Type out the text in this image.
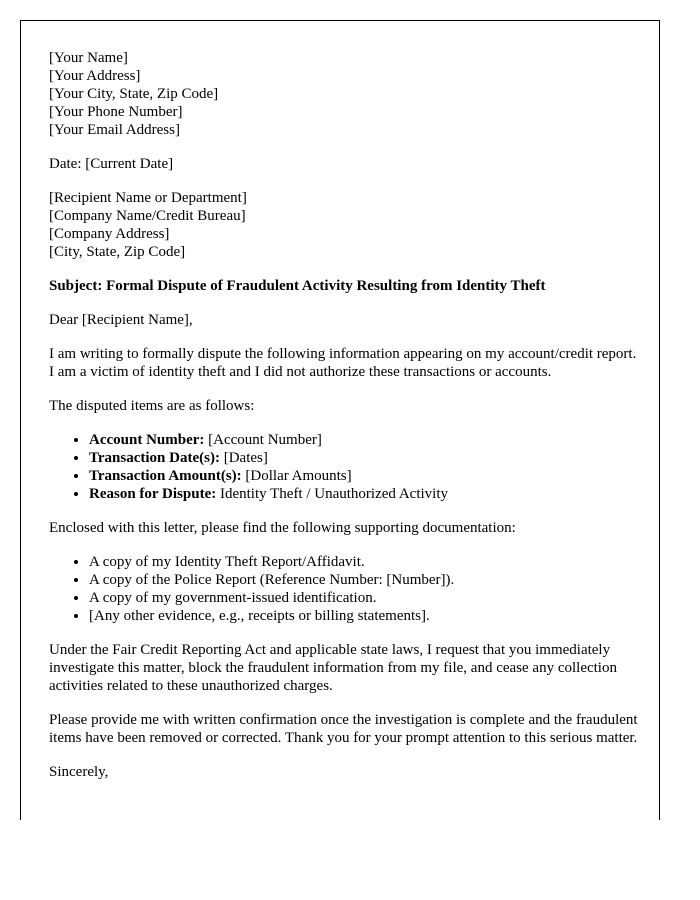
[Your Name]
[Your Address]
[Your City, State, Zip Code]
[Your Phone Number]
[Your Email Address]
Date: [Current Date]
[Recipient Name or Department]
[Company Name/Credit Bureau]
[Company Address]
[City, State, Zip Code]
Subject: Formal Dispute of Fraudulent Activity Resulting from Identity Theft
Dear [Recipient Name],
I am writing to formally dispute the following information appearing on my account/credit report. I am a victim of identity theft and I did not authorize these transactions or accounts.
The disputed items are as follows:
• Account Number: [Account Number]
• Transaction Date(s): [Dates]
• Transaction Amount(s): [Dollar Amounts]
• Reason for Dispute: Identity Theft / Unauthorized Activity
Enclosed with this letter, please find the following supporting documentation:
• A copy of my Identity Theft Report/Affidavit.
• A copy of the Police Report (Reference Number: [Number]).
• A copy of my government-issued identification.
• [Any other evidence, e.g., receipts or billing statements].
Under the Fair Credit Reporting Act and applicable state laws, I request that you immediately investigate this matter, block the fraudulent information from my file, and cease any collection activities related to these unauthorized charges.
Please provide me with written confirmation once the investigation is complete and the fraudulent items have been removed or corrected. Thank you for your prompt attention to this serious matter.
Sincerely,
